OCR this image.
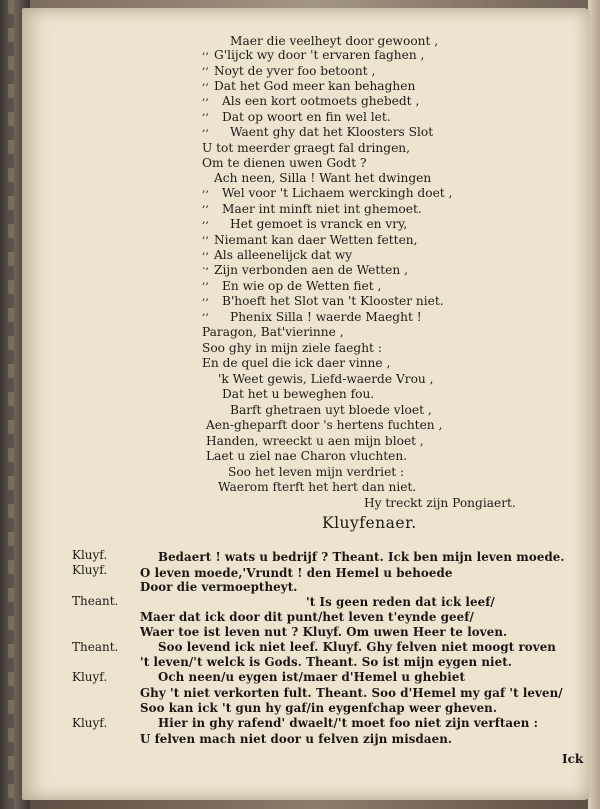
,,
Maer die veelheyt door gewoont ,
,,
G'lijck wy door 't ervaren faghen ,
,,
Noyt de yver foo betoont ,
,,
Dat het God meer kan behaghen
,,
Als een kort ootmoets ghebedt ,
,,
Dat op woort en fin wel let.
Waent ghy dat het Kloosters Slot
U tot meerder graegt fal dringen,
Om te dienen uwen Godt ?
,,
Ach neen, Silla ! Want het dwingen
,,
Wel voor 't Lichaem werckingh doet ,
,,
Maer int minft niet int ghemoet.
,,
Het gemoet is vranck en vry,
,,
Niemant kan daer Wetten fetten,
.,
Als alleenelijck dat wy
,,
Zijn verbonden aen de Wetten ,
,,
En wie op de Wetten fiet ,
,,
B'hoeft het Slot van 't Klooster niet.
Phenix Silla ! waerde Maeght !
Paragon, Bat'vierinne ,
Soo ghy in mijn ziele faeght :
En de quel die ick daer vinne ,
'k Weet gewis, Liefd-waerde Vrou ,
Dat het u beweghen fou.
Barft ghetraen uyt bloede vloet ,
Aen-gheparft door 's hertens fuchten ,
Handen, wreeckt u aen mijn bloet ,
Laet u ziel nae Charon vluchten.
Soo het leven mijn verdriet :
Waerom fterft het hert dan niet.
Hy treckt zijn Pongiaert.
Kluyfenaer.
Kluyf.
Kluyf.
Theant.
Theant.
Kluyf.
Kluyf.
Bedaert ! wats u bedrijf ? Theant. Ick ben mijn leven moede.
O leven moede,'Vrundt ! den Hemel u behoede
Door die vermoeptheyt.
't Is geen reden dat ick leef/
Maer dat ick door dit punt/het leven t'eynde geef/
Waer toe ist leven nut ? Kluyf. Om uwen Heer te loven.
Soo levend ick niet leef. Kluyf. Ghy felven niet moogt roven
't leven/'t welck is Gods. Theant. So ist mijn eygen niet.
Och neen/u eygen ist/maer d'Hemel u ghebiet
Ghy 't niet verkorten fult. Theant. Soo d'Hemel my gaf 't leven/
Soo kan ick 't gun hy gaf/in eygenfchap weer gheven.
Hier in ghy rafend' dwaelt/'t moet foo niet zijn verftaen :
U felven mach niet door u felven zijn misdaen.
Ick
